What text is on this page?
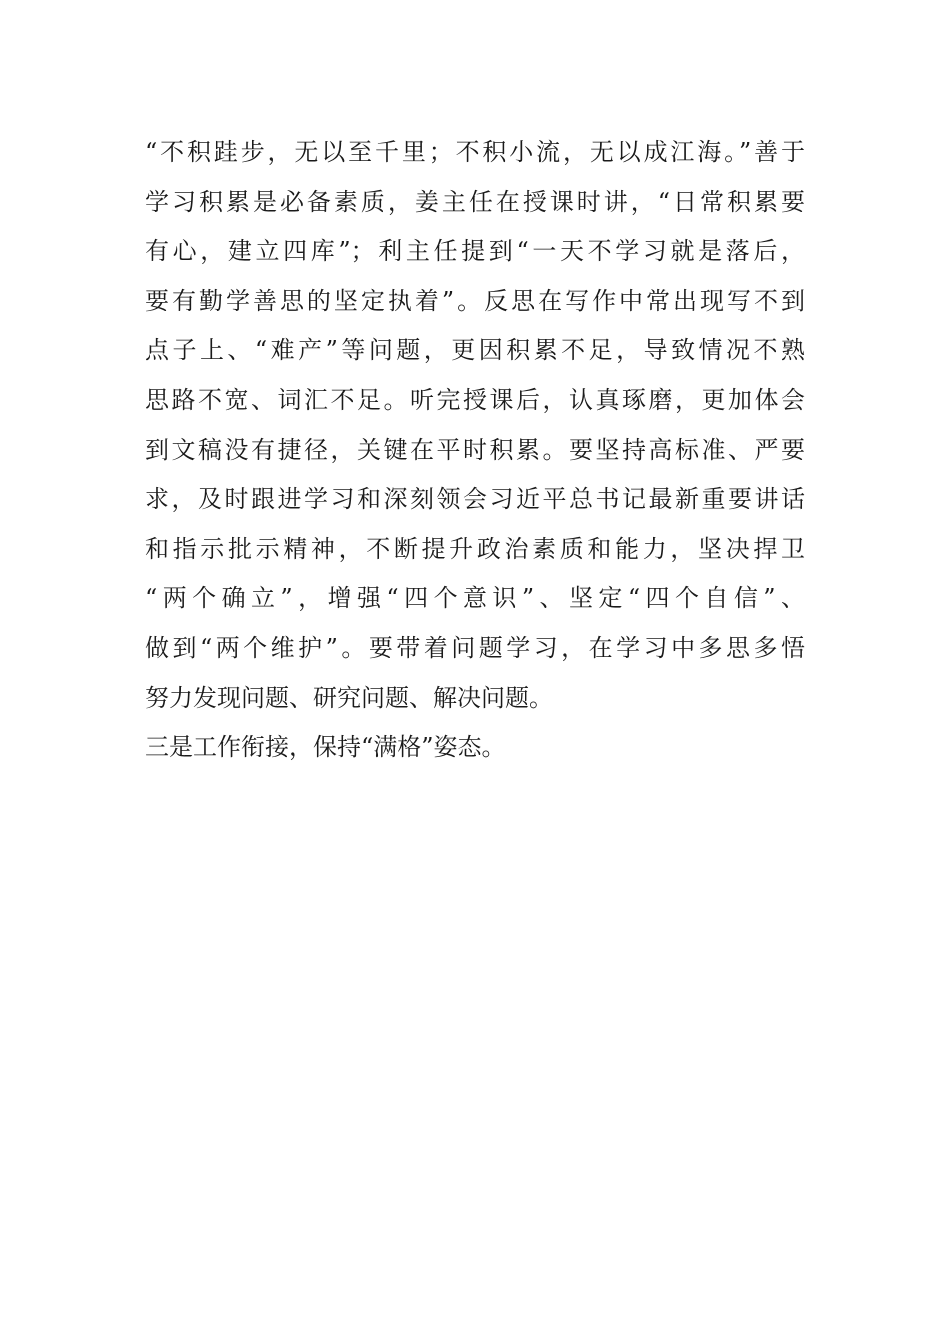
“不积跬步，无以至千里；不积小流，无以成江海。”善于
学习积累是必备素质，姜主任在授课时讲，“日常积累要
有心，建立四库”；利主任提到“一天不学习就是落后，
要有勤学善思的坚定执着”。反思在写作中常出现写不到
点子上、“难产”等问题，更因积累不足，导致情况不熟
思路不宽、词汇不足。听完授课后，认真琢磨，更加体会
到文稿没有捷径，关键在平时积累。要坚持高标准、严要
求，及时跟进学习和深刻领会习近平总书记最新重要讲话
和指示批示精神，不断提升政治素质和能力，坚决捍卫
“两个确立”，增强“四个意识”、坚定“四个自信”、
做到“两个维护”。要带着问题学习，在学习中多思多悟
努力发现问题、研究问题、解决问题。
三是工作衔接，保持“满格”姿态。
